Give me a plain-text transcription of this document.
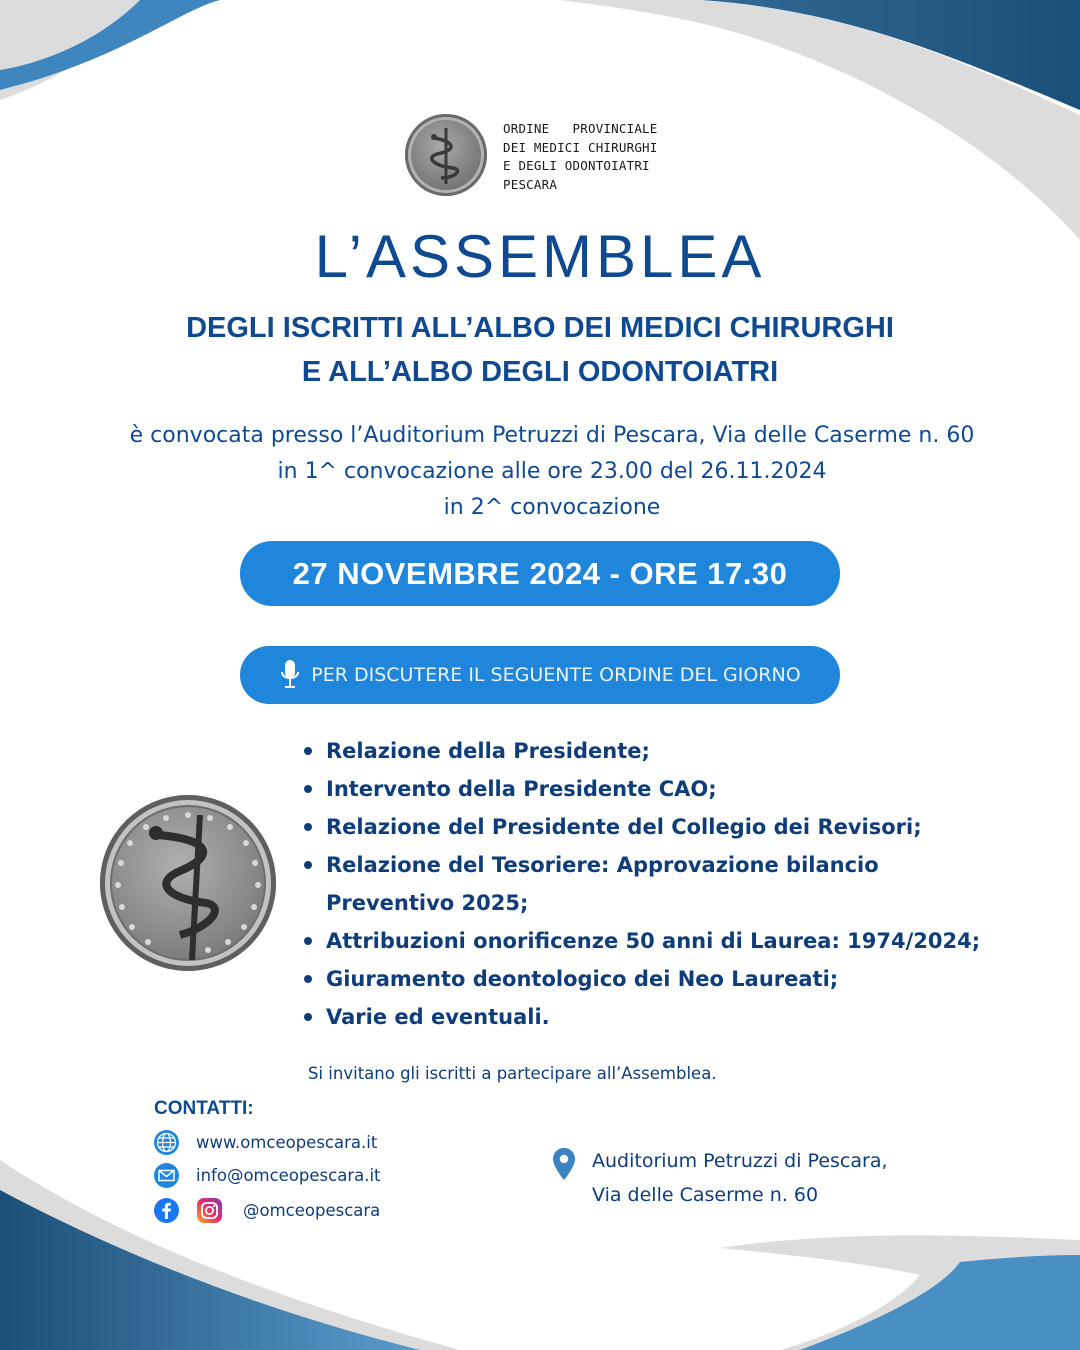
ORDINE   PROVINCIALE
DEI MEDICI CHIRURGHI
E DEGLI ODONTOIATRI
PESCARA
L’ASSEMBLEA
DEGLI ISCRITTI ALL’ALBO DEI MEDICI CHIRURGHI
E ALL’ALBO DEGLI ODONTOIATRI
è convocata presso l’Auditorium Petruzzi di Pescara, Via delle Caserme n. 60
in 1^ convocazione alle ore 23.00 del 26.11.2024
in 2^ convocazione
27 NOVEMBRE 2024 - ORE 17.30
PER DISCUTERE IL SEGUENTE ORDINE DEL GIORNO
Relazione della Presidente;
Intervento della Presidente CAO;
Relazione del Presidente del Collegio dei Revisori;
Relazione del Tesoriere: Approvazione bilancio Preventivo 2025;
Attribuzioni onorificenze 50 anni di Laurea: 1974/2024;
Giuramento deontologico dei Neo Laureati;
Varie ed eventuali.
Si invitano gli iscritti a partecipare all’Assemblea.
CONTATTI:
www.omceopescara.it
info@omceopescara.it
@omceopescara
Auditorium Petruzzi di Pescara,
Via delle Caserme n. 60
